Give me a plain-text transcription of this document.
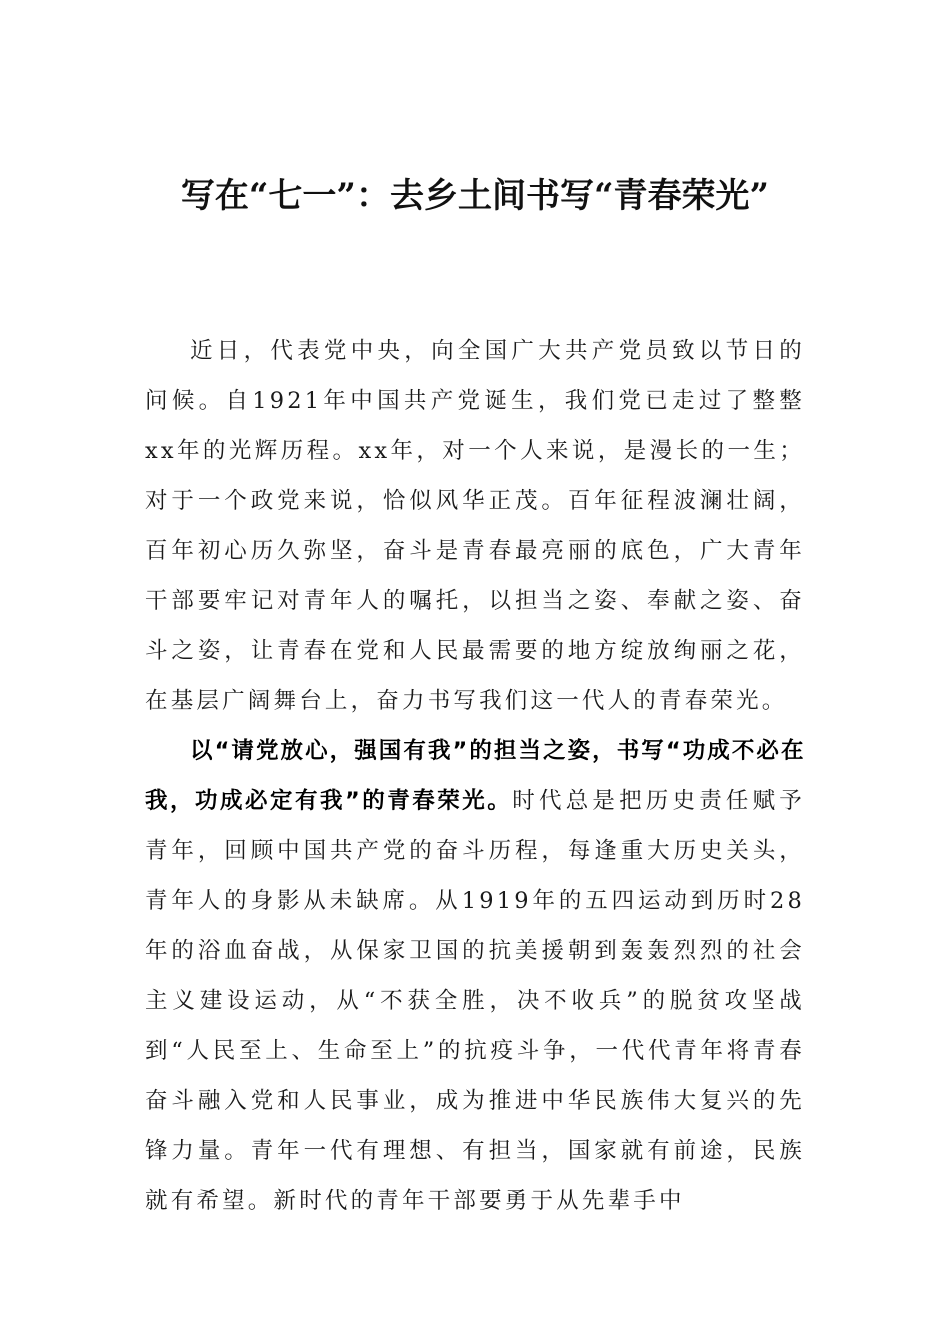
写在“七一”：去乡土间书写“青春荣光”

近日，代表党中央，向全国广大共产党员致以节日的问候。自1921年中国共产党诞生，我们党已走过了整整xx年的光辉历程。xx年，对一个人来说，是漫长的一生；对于一个政党来说，恰似风华正茂。百年征程波澜壮阔，百年初心历久弥坚，奋斗是青春最亮丽的底色，广大青年干部要牢记对青年人的嘱托，以担当之姿、奉献之姿、奋斗之姿，让青春在党和人民最需要的地方绽放绚丽之花，在基层广阔舞台上，奋力书写我们这一代人的青春荣光。

以“请党放心，强国有我”的担当之姿，书写“功成不必在我，功成必定有我”的青春荣光。时代总是把历史责任赋予青年，回顾中国共产党的奋斗历程，每逢重大历史关头，青年人的身影从未缺席。从1919年的五四运动到历时28年的浴血奋战，从保家卫国的抗美援朝到轰轰烈烈的社会主义建设运动，从“不获全胜，决不收兵”的脱贫攻坚战到“人民至上、生命至上”的抗疫斗争，一代代青年将青春奋斗融入党和人民事业，成为推进中华民族伟大复兴的先锋力量。青年一代有理想、有担当，国家就有前途，民族就有希望。新时代的青年干部要勇于从先辈手中
